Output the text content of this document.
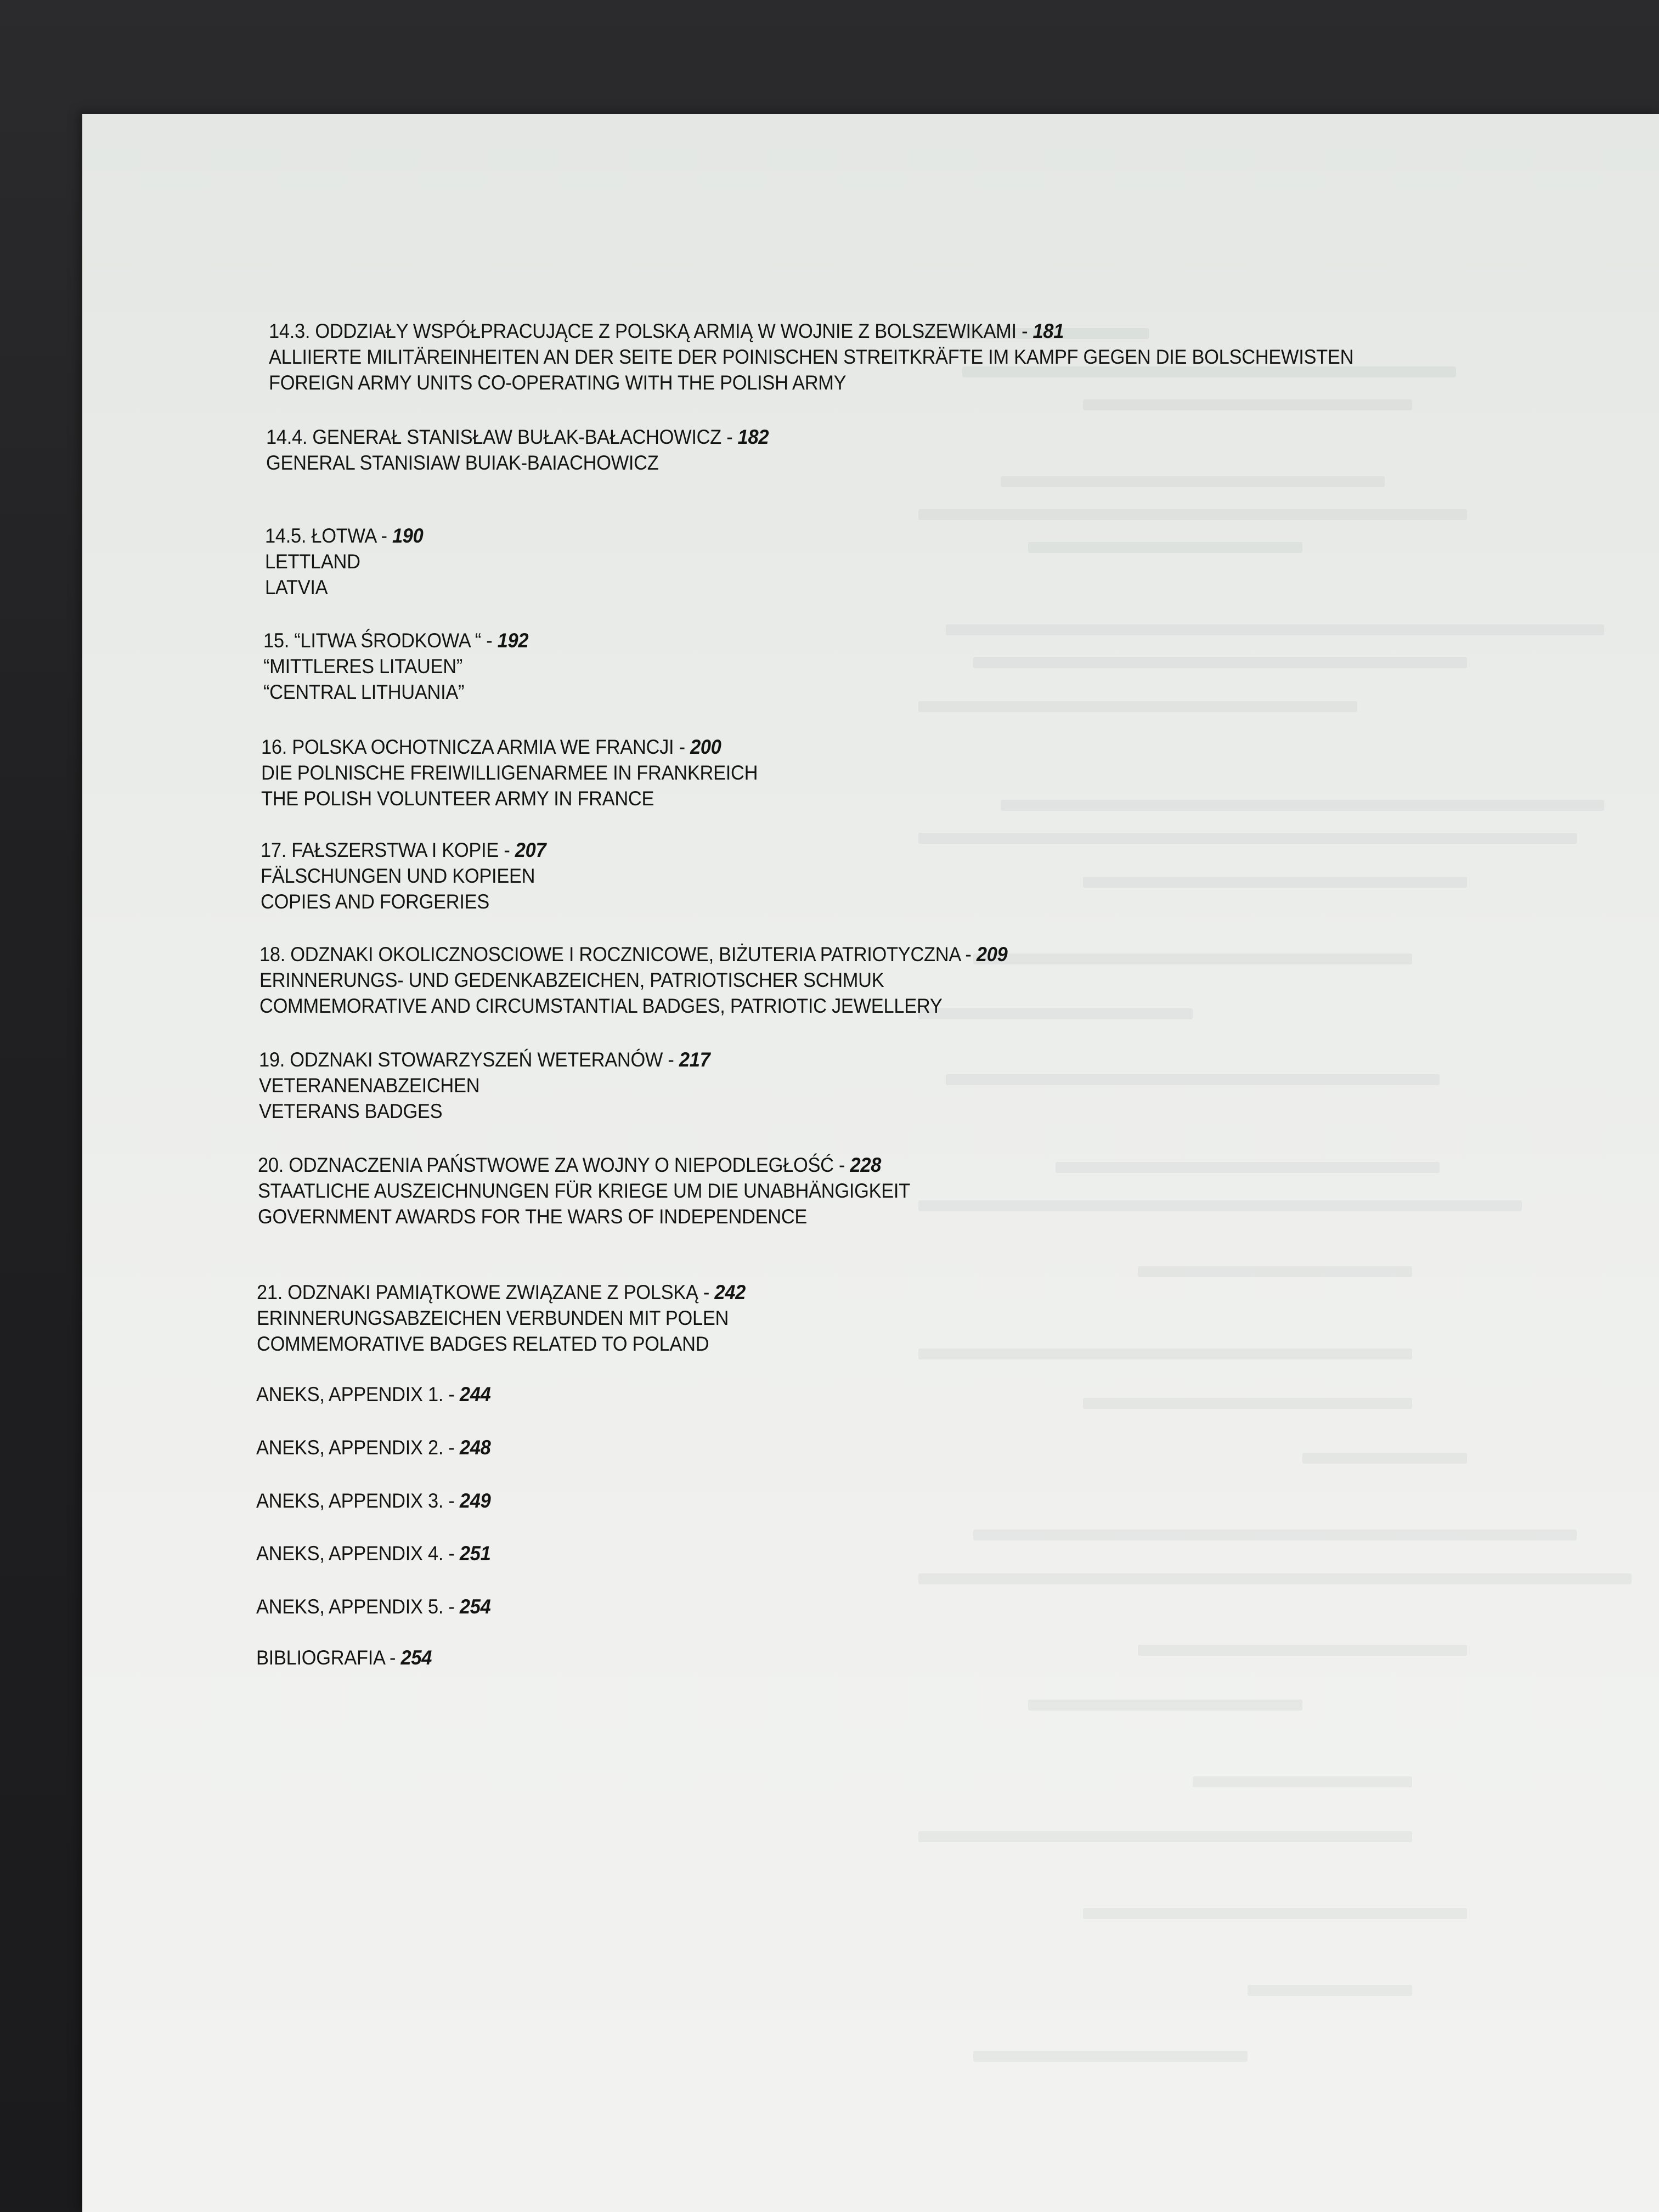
14.3. ODDZIAŁY WSPÓŁPRACUJĄCE Z POLSKĄ ARMIĄ W WOJNIE Z BOLSZEWIKAMI - 181
ALLIIERTE MILITÄREINHEITEN AN DER SEITE DER POINISCHEN STREITKRÄFTE IM KAMPF GEGEN DIE BOLSCHEWISTEN
FOREIGN ARMY UNITS CO-OPERATING WITH THE POLISH ARMY
14.4. GENERAŁ STANISŁAW BUŁAK-BAŁACHOWICZ - 182
GENERAL STANISIAW BUIAK-BAIACHOWICZ
14.5. ŁOTWA - 190
LETTLAND
LATVIA
15. “LITWA ŚRODKOWA “ - 192
“MITTLERES LITAUEN”
“CENTRAL LITHUANIA”
16. POLSKA OCHOTNICZA ARMIA WE FRANCJI - 200
DIE POLNISCHE FREIWILLIGENARMEE IN FRANKREICH
THE POLISH VOLUNTEER ARMY IN FRANCE
17. FAŁSZERSTWA I KOPIE - 207
FÄLSCHUNGEN UND KOPIEEN
COPIES AND FORGERIES
18. ODZNAKI OKOLICZNOSCIOWE I ROCZNICOWE, BIŻUTERIA PATRIOTYCZNA - 209
ERINNERUNGS- UND GEDENKABZEICHEN, PATRIOTISCHER SCHMUK
COMMEMORATIVE AND CIRCUMSTANTIAL BADGES, PATRIOTIC JEWELLERY
19. ODZNAKI STOWARZYSZEŃ WETERANÓW - 217
VETERANENABZEICHEN
VETERANS BADGES
20. ODZNACZENIA PAŃSTWOWE ZA WOJNY O NIEPODLEGŁOŚĆ - 228
STAATLICHE AUSZEICHNUNGEN FÜR KRIEGE UM DIE UNABHÄNGIGKEIT
GOVERNMENT AWARDS FOR THE WARS OF INDEPENDENCE
21. ODZNAKI PAMIĄTKOWE ZWIĄZANE Z POLSKĄ - 242
ERINNERUNGSABZEICHEN VERBUNDEN MIT POLEN
COMMEMORATIVE BADGES RELATED TO POLAND
ANEKS, APPENDIX 1. - 244
ANEKS, APPENDIX 2. - 248
ANEKS, APPENDIX 3. - 249
ANEKS, APPENDIX 4. - 251
ANEKS, APPENDIX 5. - 254
BIBLIOGRAFIA - 254
